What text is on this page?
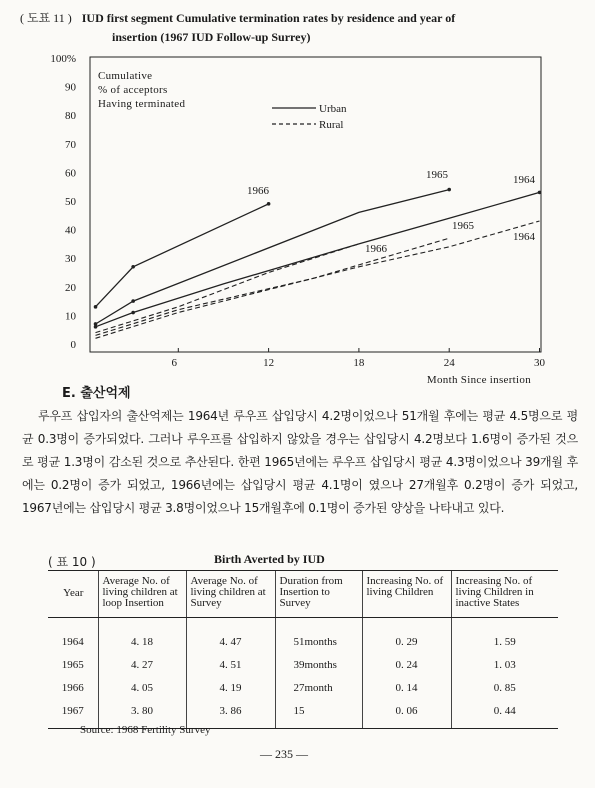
( 도표 11 ) IUD first segment Cumulative termination rates by residence and year of
insertion (1967 IUD Follow-up Surrey)
100%
90
80
70
60
50
40
30
20
10
0
6	12	18	24	30
Month Since insertion
Cumulative
% of acceptors
Having terminated	Urban
Rural
1966
1965	1964
1965
1964
1966
E. 출산억제

루우프 삽입자의 출산억제는 1964년 루우프 삽입당시 4.2명이었으나 51개월 후에는 평균 4.5명으로 평균 0.3명이 증가되었다. 그러나 루우프를 삽입하지 않았을 경우는 삽입당시 4.2명보다 1.6명이 증가된 것으로 평균 1.3명이 감소된 것으로 추산된다. 한편 1965년에는 루우프 삽입당시 평균 4.3명이었으나 39개월 후에는 0.2명이 증가 되었고, 1966년에는 삽입당시 평균 4.1명이 였으나 27개월후 0.2명이 증가 되었고, 1967년에는 삽입당시 평균 3.8명이었으나 15개월후에 0.1명이 증가된 양상을 나타내고 있다.

( 표 10 )	Birth Averted by IUD
Year	Average No. of living children at loop Insertion	Average No. of living children at Survey	Duration from Insertion to Survey	Increasing No. of living Children	Increasing No. of living Children in inactive States
1964	4. 18	4. 47	51months	0. 29	1. 59
1965	4. 27	4. 51	39months	0. 24	1. 03
1966	4. 05	4. 19	27month	0. 14	0. 85
1967	3. 80	3. 86	15	0. 06	0. 44
Source: 1968 Fertility Survey
— 235 —
